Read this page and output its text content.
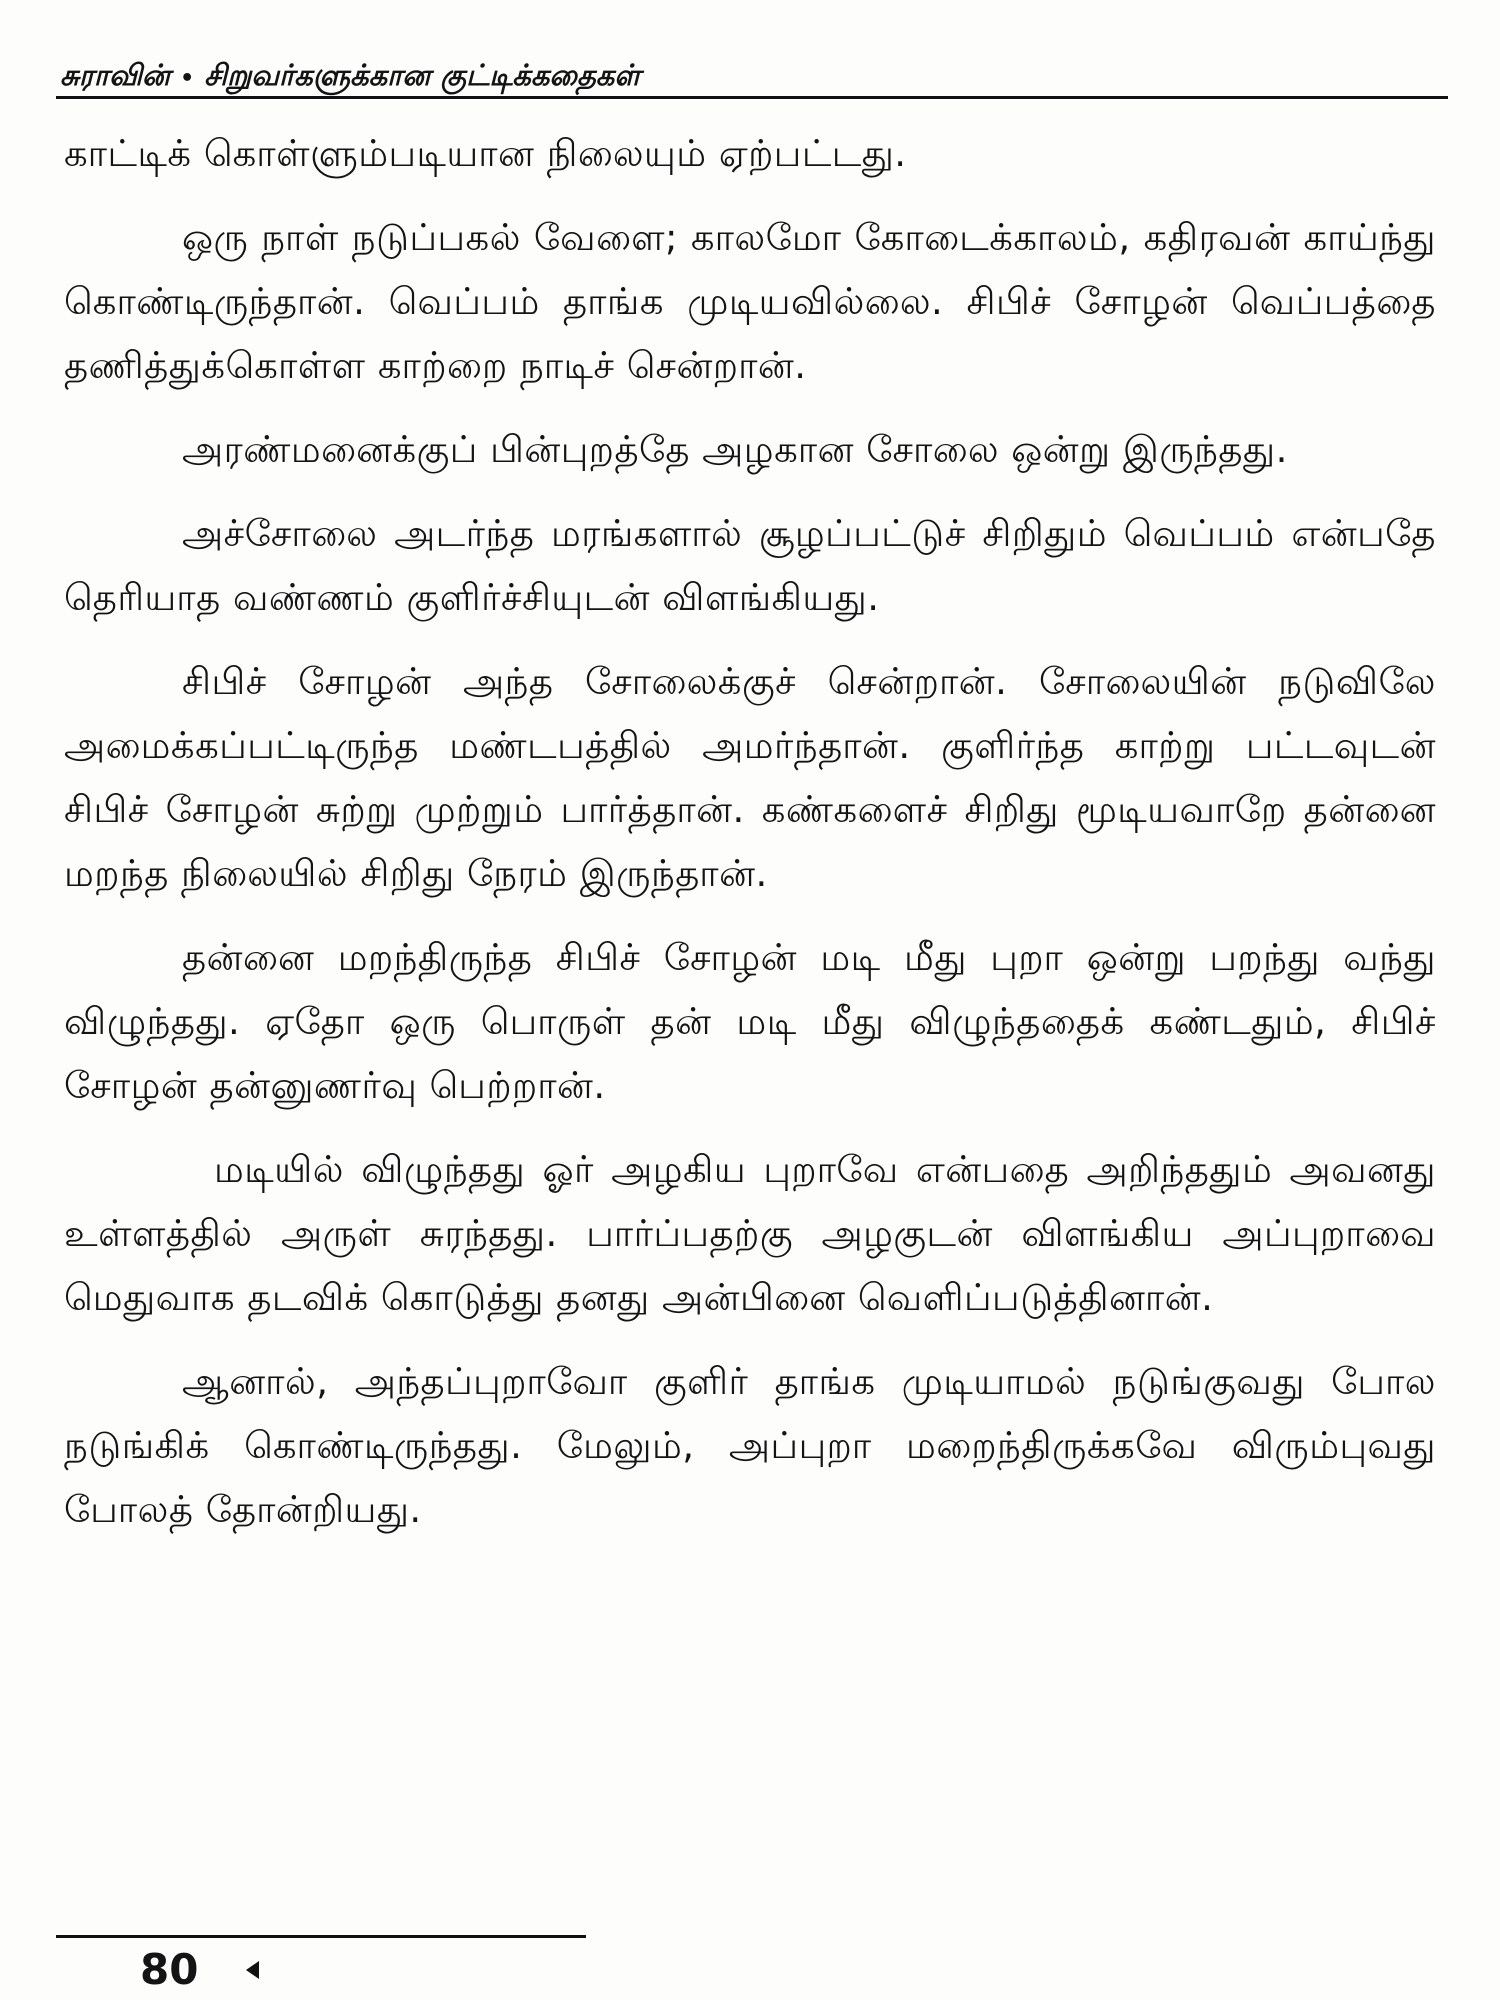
சுராவின் • சிறுவர்களுக்கான குட்டிக்கதைகள்

காட்டிக் கொள்ளும்படியான நிலையும் ஏற்பட்டது.

ஒரு நாள் நடுப்பகல் வேளை; காலமோ கோடைக்காலம், கதிரவன் காய்ந்து கொண்டிருந்தான். வெப்பம் தாங்க முடியவில்லை. சிபிச் சோழன் வெப்பத்தை தணித்துக்கொள்ள காற்றை நாடிச் சென்றான்.

அரண்மனைக்குப் பின்புறத்தே அழகான சோலை ஒன்று இருந்தது.

அச்சோலை அடர்ந்த மரங்களால் சூழப்பட்டுச் சிறிதும் வெப்பம் என்பதே தெரியாத வண்ணம் குளிர்ச்சியுடன் விளங்கியது.

சிபிச் சோழன் அந்த சோலைக்குச் சென்றான். சோலையின் நடுவிலே அமைக்கப்பட்டிருந்த மண்டபத்தில் அமர்ந்தான். குளிர்ந்த காற்று பட்டவுடன் சிபிச் சோழன் சுற்று முற்றும் பார்த்தான். கண்களைச் சிறிது மூடியவாறே தன்னை மறந்த நிலையில் சிறிது நேரம் இருந்தான்.

தன்னை மறந்திருந்த சிபிச் சோழன் மடி மீது புறா ஒன்று பறந்து வந்து விழுந்தது. ஏதோ ஒரு பொருள் தன் மடி மீது விழுந்ததைக் கண்டதும், சிபிச் சோழன் தன்னுணர்வு பெற்றான்.

மடியில் விழுந்தது ஓர் அழகிய புறாவே என்பதை அறிந்ததும் அவனது உள்ளத்தில் அருள் சுரந்தது. பார்ப்பதற்கு அழகுடன் விளங்கிய அப்புறாவை மெதுவாக தடவிக் கொடுத்து தனது அன்பினை வெளிப்படுத்தினான்.

ஆனால், அந்தப்புறாவோ குளிர் தாங்க முடியாமல் நடுங்குவது போல நடுங்கிக் கொண்டிருந்தது. மேலும், அப்புறா மறைந்திருக்கவே விரும்புவது போலத் தோன்றியது.

80
